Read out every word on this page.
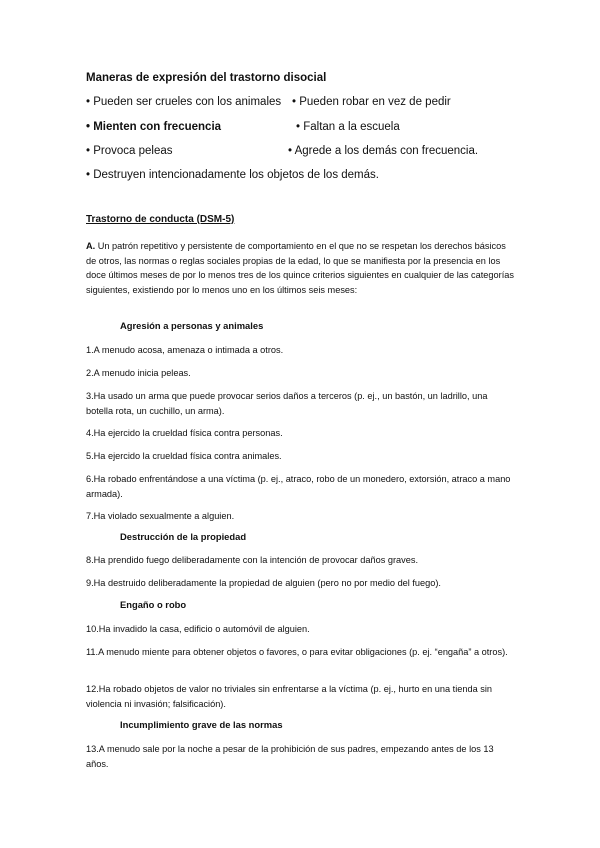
Maneras de expresión del trastorno disocial
• Pueden ser crueles con los animales • Pueden robar en vez de pedir
• Mienten con frecuencia	• Faltan a la escuela
• Provoca peleas	• Agrede a los demás con frecuencia.
• Destruyen intencionadamente los objetos de los demás.
Trastorno de conducta (DSM-5)
A. Un patrón repetitivo y persistente de comportamiento en el que no se respetan los derechos básicos de otros, las normas o reglas sociales propias de la edad, lo que se manifiesta por la presencia en los doce últimos meses de por lo menos tres de los quince criterios siguientes en cualquier de las categorías siguientes, existiendo por lo menos uno en los últimos seis meses:
Agresión a personas y animales
1.A menudo acosa, amenaza o intimada a otros.
2.A menudo inicia peleas.
3.Ha usado un arma que puede provocar serios daños a terceros (p. ej., un bastón, un ladrillo, una botella rota, un cuchillo, un arma).
4.Ha ejercido la crueldad física contra personas.
5.Ha ejercido la crueldad física contra animales.
6.Ha robado enfrentándose a una víctima (p. ej., atraco, robo de un monedero, extorsión, atraco a mano armada).
7.Ha violado sexualmente a alguien.
Destrucción de la propiedad
8.Ha prendido fuego deliberadamente con la intención de provocar daños graves.
9.Ha destruido deliberadamente la propiedad de alguien (pero no por medio del fuego).
Engaño o robo
10.Ha invadido la casa, edificio o automóvil de alguien.
11.A menudo miente para obtener objetos o favores, o para evitar obligaciones (p. ej. “engaña” a otros).
12.Ha robado objetos de valor no triviales sin enfrentarse a la víctima (p. ej., hurto en una tienda sin violencia ni invasión; falsificación).
Incumplimiento grave de las normas
13.A menudo sale por la noche a pesar de la prohibición de sus padres, empezando antes de los 13 años.
